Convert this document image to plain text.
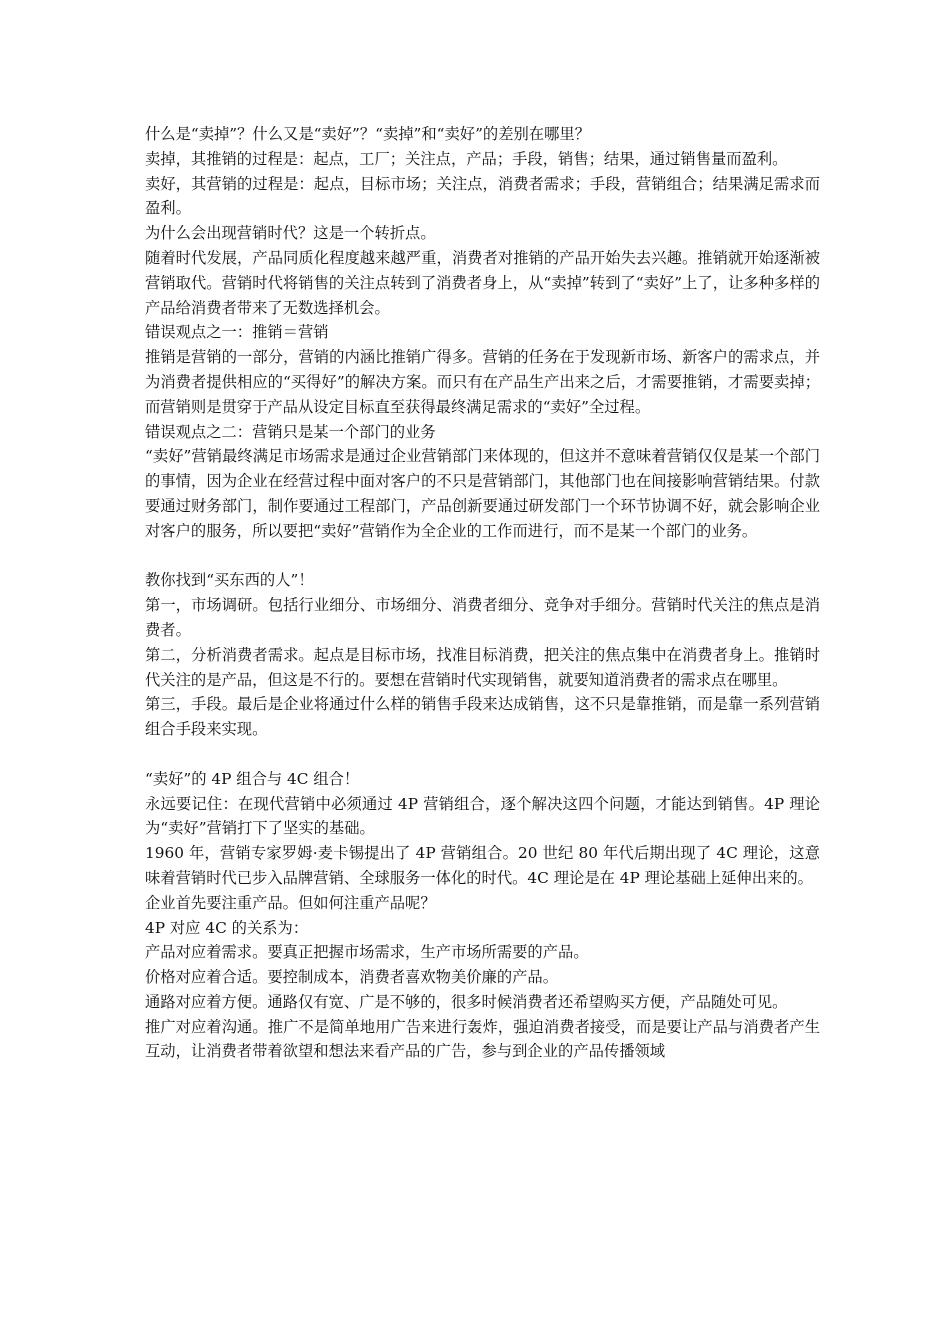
什么是“卖掉”？什么又是“卖好”？“卖掉”和“卖好”的差别在哪里？

卖掉，其推销的过程是：起点，工厂；关注点，产品；手段，销售；结果，通过销售量而盈利。

卖好，其营销的过程是：起点，目标市场；关注点，消费者需求；手段，营销组合；结果满足需求而盈利。

为什么会出现营销时代？这是一个转折点。

随着时代发展，产品同质化程度越来越严重，消费者对推销的产品开始失去兴趣。推销就开始逐渐被营销取代。营销时代将销售的关注点转到了消费者身上，从“卖掉”转到了“卖好”上了，让多种多样的产品给消费者带来了无数选择机会。

错误观点之一：推销＝营销

推销是营销的一部分，营销的内涵比推销广得多。营销的任务在于发现新市场、新客户的需求点，并为消费者提供相应的“买得好”的解决方案。而只有在产品生产出来之后，才需要推销，才需要卖掉；而营销则是贯穿于产品从设定目标直至获得最终满足需求的“卖好”全过程。

错误观点之二：营销只是某一个部门的业务

“卖好”营销最终满足市场需求是通过企业营销部门来体现的，但这并不意味着营销仅仅是某一个部门的事情，因为企业在经营过程中面对客户的不只是营销部门，其他部门也在间接影响营销结果。付款要通过财务部门，制作要通过工程部门，产品创新要通过研发部门一个环节协调不好，就会影响企业对客户的服务，所以要把“卖好”营销作为全企业的工作而进行，而不是某一个部门的业务。

教你找到“买东西的人”！

第一，市场调研。包括行业细分、市场细分、消费者细分、竞争对手细分。营销时代关注的焦点是消费者。

第二，分析消费者需求。起点是目标市场，找准目标消费，把关注的焦点集中在消费者身上。推销时代关注的是产品，但这是不行的。要想在营销时代实现销售，就要知道消费者的需求点在哪里。

第三，手段。最后是企业将通过什么样的销售手段来达成销售，这不只是靠推销，而是靠一系列营销组合手段来实现。

“卖好”的 4P 组合与 4C 组合！

永远要记住：在现代营销中必须通过 4P 营销组合，逐个解决这四个问题，才能达到销售。4P 理论为“卖好”营销打下了坚实的基础。

1960 年，营销专家罗姆·麦卡锡提出了 4P 营销组合。20 世纪 80 年代后期出现了 4C 理论，这意味着营销时代已步入品牌营销、全球服务一体化的时代。4C 理论是在 4P 理论基础上延伸出来的。

企业首先要注重产品。但如何注重产品呢？

4P 对应 4C 的关系为：

产品对应着需求。要真正把握市场需求，生产市场所需要的产品。

价格对应着合适。要控制成本，消费者喜欢物美价廉的产品。

通路对应着方便。通路仅有宽、广是不够的，很多时候消费者还希望购买方便，产品随处可见。

推广对应着沟通。推广不是简单地用广告来进行轰炸，强迫消费者接受，而是要让产品与消费者产生互动，让消费者带着欲望和想法来看产品的广告，参与到企业的产品传播领域
